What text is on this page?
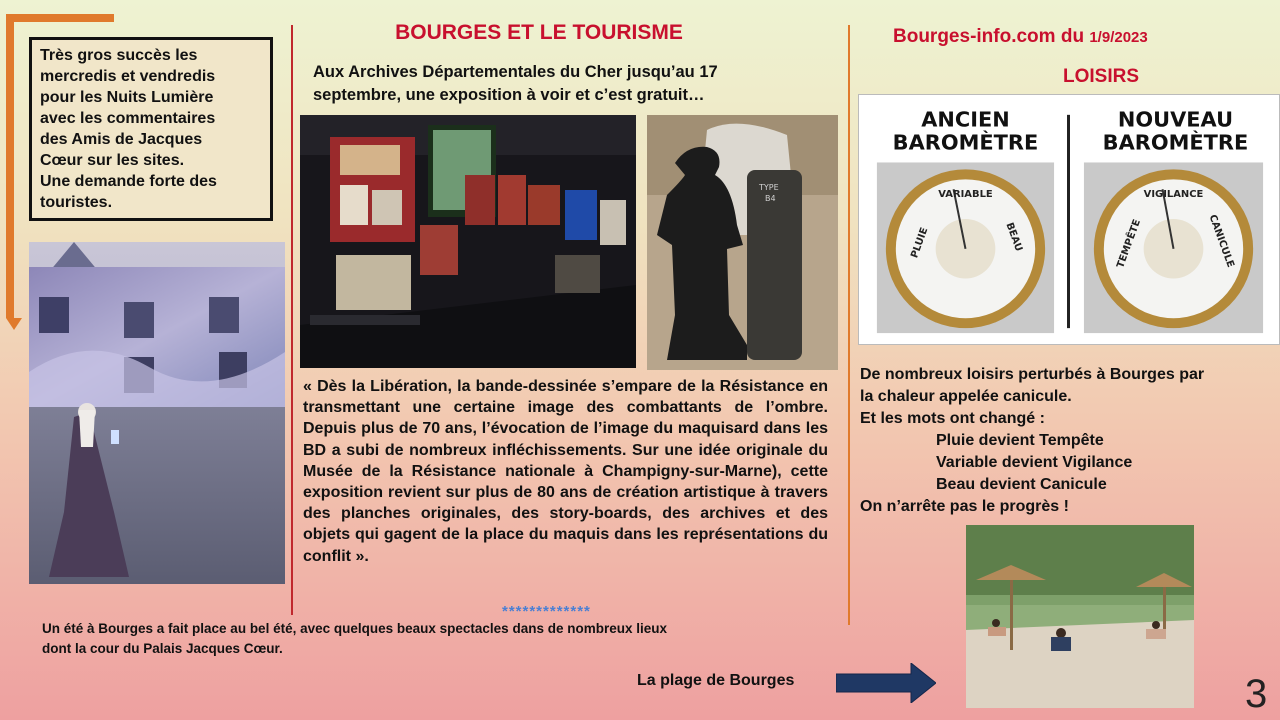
Très gros succès les

mercredis et vendredis

pour les Nuits Lumière

avec les commentaires

des Amis de Jacques

Cœur sur les sites.

Une demande forte des

touristes.

BOURGES ET LE TOURISME
Aux Archives Départementales du Cher jusqu’au 17
septembre, une exposition à voir et c’est gratuit…
TYPE
B4
« Dès la Libération, la bande-dessinée s’empare de la Résistance en transmettant une certaine image des combattants de l’ombre. Depuis plus de 70 ans, l’évocation de l’image du maquisard dans les BD a subi de nombreux infléchissements. Sur une idée originale du Musée de la Résistance nationale à Champigny-sur-Marne), cette exposition revient sur plus de 80 ans de création artistique à travers des planches originales, des story-boards, des archives et des objets qui gagent de la place du maquis dans les représentations du conflit ».
*************
Un été à Bourges a fait place au bel été, avec quelques beaux spectacles dans de nombreux lieux
dont la cour du Palais Jacques Cœur.
Bourges-info.com du 1/9/2023
LOISIRS
ANCIEN
BAROMÈTRE
NOUVEAU
BAROMÈTRE
PLUIE
VARIABLE
BEAU	TEMPÊTE
VIGILANCE
CANICULE
De nombreux loisirs perturbés à Bourges par
la chaleur appelée canicule.
Et les mots ont changé :
Pluie devient Tempête
Variable devient Vigilance
Beau devient Canicule
On n’arrête pas le progrès !
La plage de Bourges	3
